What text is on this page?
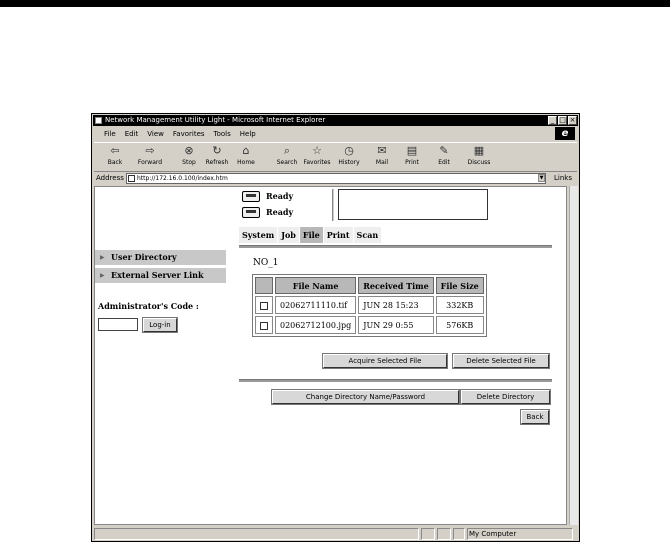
Network Management Utility Light - Microsoft Internet Explorer	_ □ ×
File Edit View Favorites Tools Help	e
⇦
Back
⇨
Forward
⊗
Stop
↻
Refresh
⌂
Home
⌕
Search
☆
Favorites
◷
History
✉
Mail
▤
Print
✎
Edit
▦
Discuss
Address	http://172.16.0.100/index.htm	▼ Links
▶ User Directory
▶ External Server Link
Administrator's Code :
Log-in
Ready
Ready
System Job File Print Scan
NO_1
	File Name	Received Time	File Size
	02062711110.tif	JUN 28 15:23	332KB
	02062712100.jpg	JUN 29 0:55	576KB
Acquire Selected File	Delete Selected File
Change Directory Name/Password	Delete Directory
Back
My Computer
